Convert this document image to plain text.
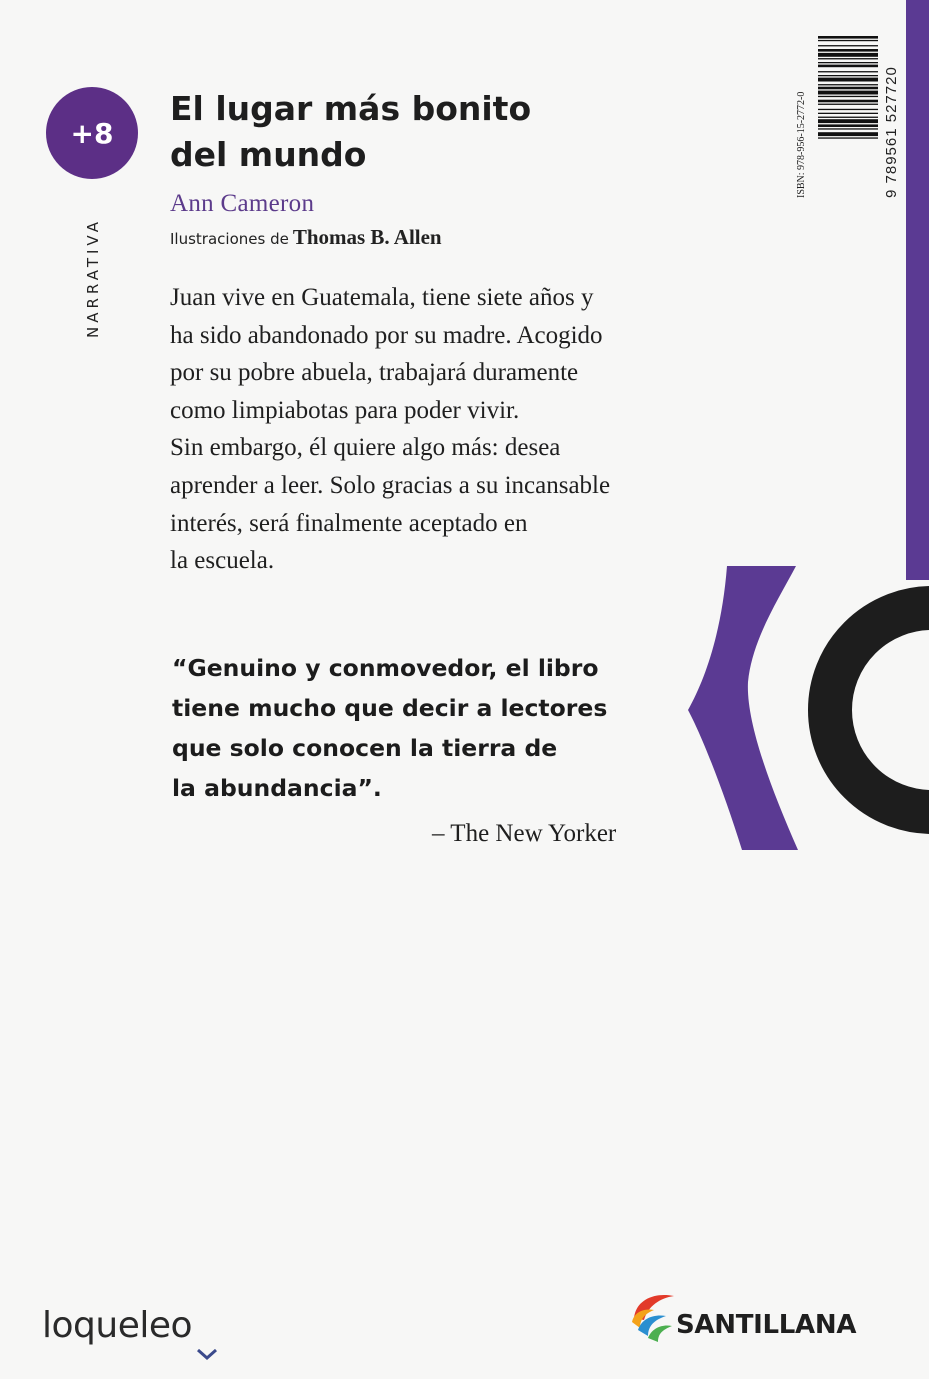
+8
NARRATIVA
El lugar más bonito
del mundo
Ann Cameron
Ilustraciones de Thomas B. Allen
Juan vive en Guatemala, tiene siete años y
ha sido abandonado por su madre. Acogido
por su pobre abuela, trabajará duramente
como limpiabotas para poder vivir.
Sin embargo, él quiere algo más: desea
aprender a leer. Solo gracias a su incansable
interés, será finalmente aceptado en
la escuela.
“Genuino y conmovedor, el libro
tiene mucho que decir a lectores
que solo conocen la tierra de
la abundancia”.
– The New Yorker
ISBN: 978-956-15-2772-0	9 789561 527720
loqueleo	SANTILLANA
